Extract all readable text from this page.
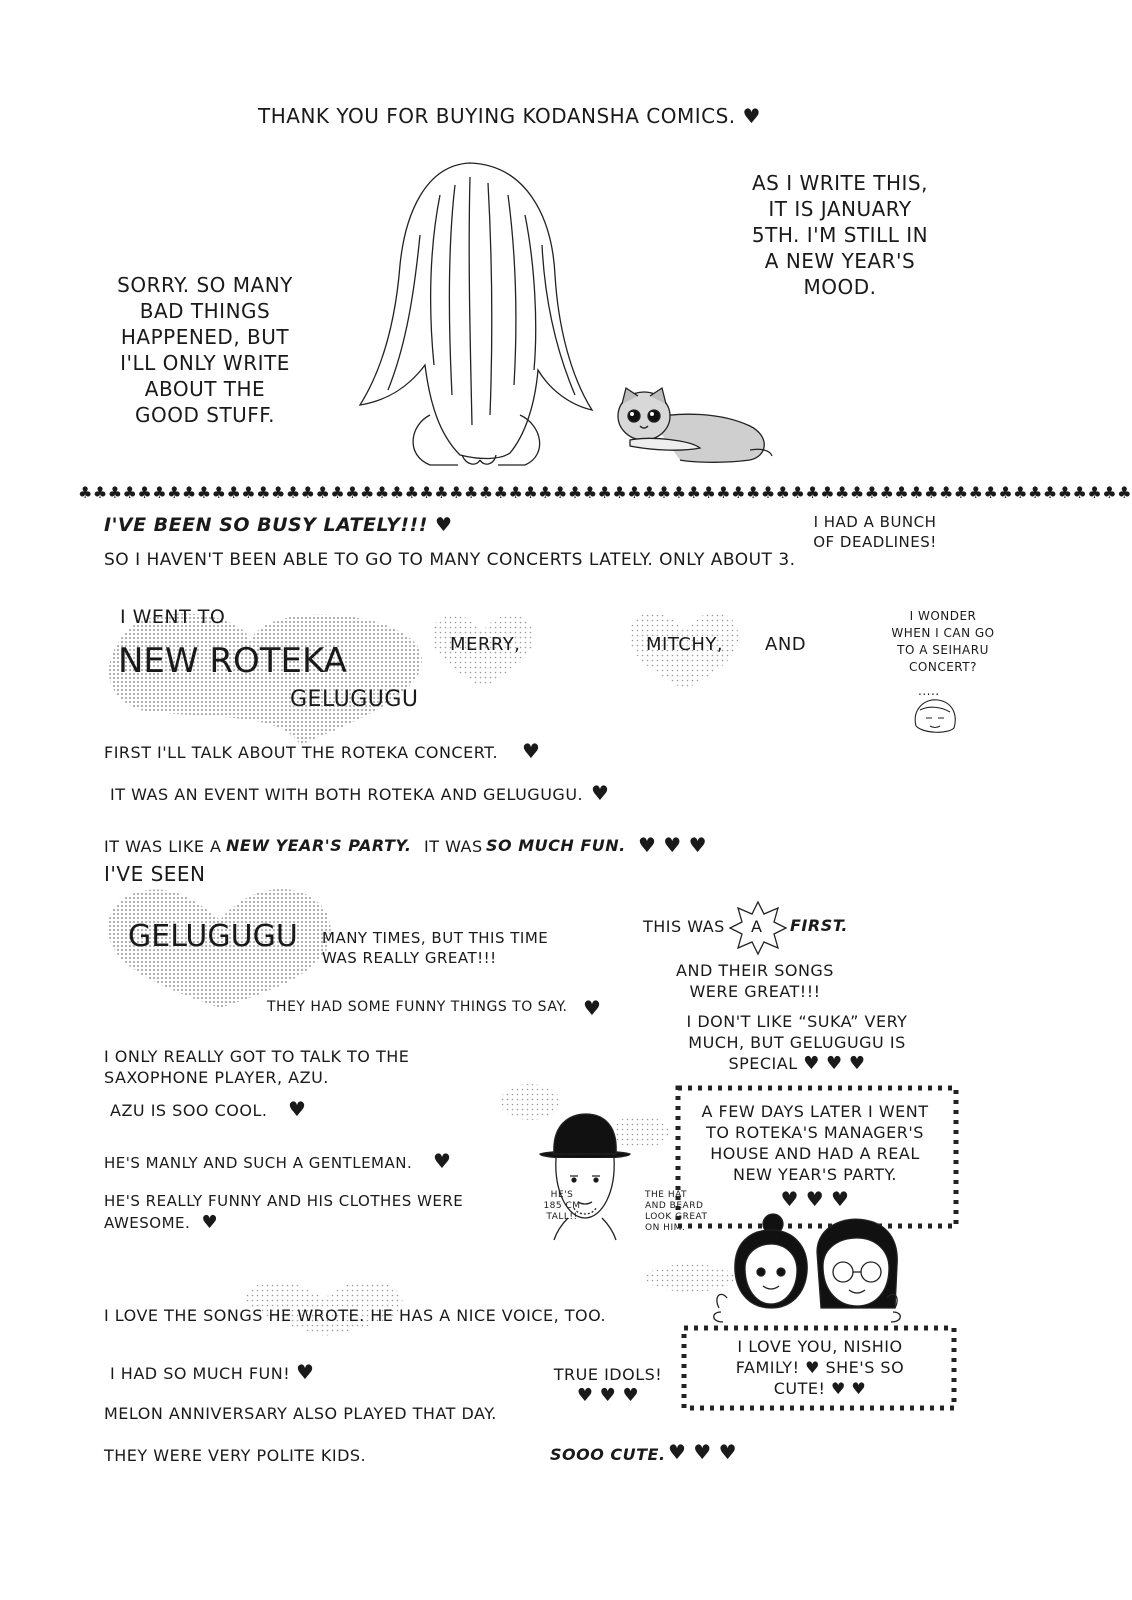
THANK YOU FOR BUYING KODANSHA COMICS. ♥

SORRY. SO MANY
BAD THINGS
HAPPENED, BUT
I'LL ONLY WRITE
ABOUT THE
GOOD STUFF.
AS I WRITE THIS,
IT IS JANUARY
5TH. I'M STILL IN
A NEW YEAR'S
MOOD.
♣♣♣♣♣♣♣♣♣♣♣♣♣♣♣♣♣♣♣♣♣♣♣♣♣♣♣♣♣♣♣♣♣♣♣♣♣♣♣♣♣♣♣♣♣♣♣♣♣♣♣♣♣♣♣♣♣♣♣♣♣♣♣♣♣♣♣♣♣♣♣

I'VE BEEN SO BUSY LATELY!!! ♥	I HAD A BUNCH
OF DEADLINES!

SO I HAVEN'T BEEN ABLE TO GO TO MANY CONCERTS LATELY. ONLY ABOUT 3.

I WENT TO

NEW ROTEKA

GELUGUGU

MERRY,	MITCHY, AND

I WONDER
WHEN I CAN GO
TO A SEIHARU
CONCERT?

.....

FIRST I'LL TALK ABOUT THE ROTEKA CONCERT. ♥

IT WAS AN EVENT WITH BOTH ROTEKA AND GELUGUGU. ♥

IT WAS LIKE A NEW YEAR'S PARTY. IT WAS SO MUCH FUN. ♥ ♥ ♥

I'VE SEEN

GELUGUGU MANY TIMES, BUT THIS TIME
WAS REALLY GREAT!!!

THIS WAS A FIRST.

AND THEIR SONGS
WERE GREAT!!!

THEY HAD SOME FUNNY THINGS TO SAY. ♥

I DON'T LIKE “SUKA” VERY
MUCH, BUT GELUGUGU IS
SPECIAL ♥ ♥ ♥
I ONLY REALLY GOT TO TALK TO THE
SAXOPHONE PLAYER, AZU.

AZU IS SOO COOL. ♥

HE'S MANLY AND SUCH A GENTLEMAN. ♥

HE'S REALLY FUNNY AND HIS CLOTHES WERE
AWESOME. ♥
HE'S
185 CM
TALL!!
THE HAT
AND BEARD
LOOK GREAT
ON HIM.
A FEW DAYS LATER I WENT
TO ROTEKA'S MANAGER'S
HOUSE AND HAD A REAL
NEW YEAR'S PARTY.
♥ ♥ ♥
I LOVE YOU, NISHIO
FAMILY! ♥ SHE'S SO
CUTE! ♥ ♥

I LOVE THE SONGS HE WROTE. HE HAS A NICE VOICE, TOO.

I HAD SO MUCH FUN! ♥

MELON ANNIVERSARY ALSO PLAYED THAT DAY.

THEY WERE VERY POLITE KIDS.

TRUE IDOLS!
♥ ♥ ♥

SOOO CUTE. ♥ ♥ ♥
